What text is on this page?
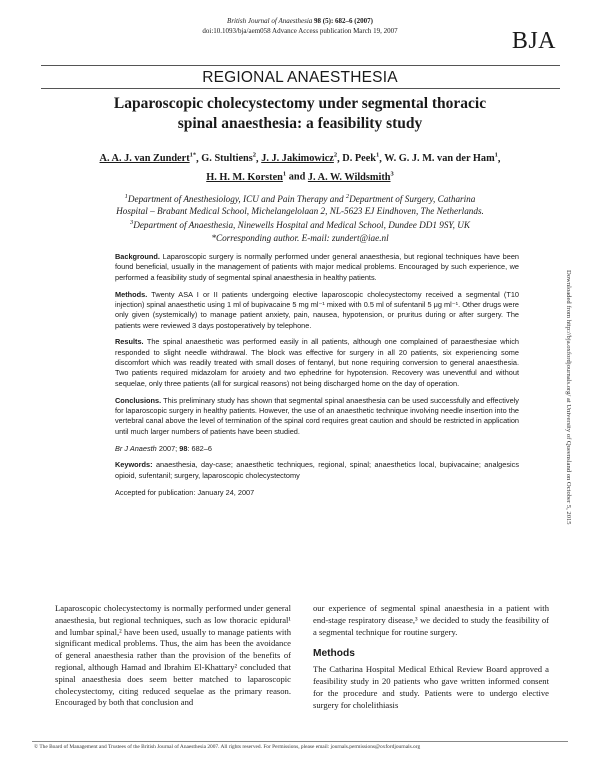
British Journal of Anaesthesia 98 (5): 682–6 (2007)
doi:10.1093/bja/aem058 Advance Access publication March 19, 2007	BJA
REGIONAL ANAESTHESIA
Laparoscopic cholecystectomy under segmental thoracic
spinal anaesthesia: a feasibility study
A. A. J. van Zundert$^{1*}$, G. Stultiens$^2$, J. J. Jakimowicz$^2$, D. Peek$^1$, W. G. J. M. van der Ham$^1$,
H. H. M. Korsten$^1$ and J. A. W. Wildsmith$^3$
$^1$Department of Anesthesiology, ICU and Pain Therapy and $^2$Department of Surgery, Catharina
Hospital – Brabant Medical School, Michelangelolaan 2, NL-5623 EJ Eindhoven, The Netherlands.
$^3$Department of Anaesthesia, Ninewells Hospital and Medical School, Dundee DD1 9SY, UK
*Corresponding author. E-mail: zundert@iae.nl

Background. Laparoscopic surgery is normally performed under general anaesthesia, but regional techniques have been found beneficial, usually in the management of patients with major medical problems. Encouraged by such experience, we performed a feasibility study of segmental spinal anaesthesia in healthy patients.

Methods. Twenty ASA I or II patients undergoing elective laparoscopic cholecystectomy received a segmental (T10 injection) spinal anaesthetic using 1 ml of bupivacaine 5 mg ml⁻¹ mixed with 0.5 ml of sufentanil 5 μg ml⁻¹. Other drugs were only given (systemically) to manage patient anxiety, pain, nausea, hypotension, or pruritus during or after surgery. The patients were reviewed 3 days postoperatively by telephone.

Results. The spinal anaesthetic was performed easily in all patients, although one complained of paraesthesiae which responded to slight needle withdrawal. The block was effective for surgery in all 20 patients, six experiencing some discomfort which was readily treated with small doses of fentanyl, but none requiring conversion to general anaesthesia. Two patients required midazolam for anxiety and two ephedrine for hypotension. Recovery was uneventful and without sequelae, only three patients (all for surgical reasons) not being discharged home on the day of operation.

Conclusions. This preliminary study has shown that segmental spinal anaesthesia can be used successfully and effectively for laparoscopic surgery in healthy patients. However, the use of an anaesthetic technique involving needle insertion into the vertebral canal above the level of termination of the spinal cord requires great caution and should be restricted in application until much larger numbers of patients have been studied.

Br J Anaesth 2007; 98: 682–6

Keywords: anaesthesia, day-case; anaesthetic techniques, regional, spinal; anaesthetics local, bupivacaine; analgesics opioid, sufentanil; surgery, laparoscopic cholecystectomy

Accepted for publication: January 24, 2007

Laparoscopic cholecystectomy is normally performed under general anaesthesia, but regional techniques, such as low thoracic epidural¹ and lumbar spinal,² have been used, usually to manage patients with significant medical problems. Thus, the aim has been the avoidance of general anaesthesia rather than the provision of the benefits of regional, although Hamad and Ibrahim El-Khattary² concluded that spinal anaesthesia does seem better matched to laparoscopic cholecystectomy, citing reduced sequelae as the primary reason. Encouraged by both that conclusion and

our experience of segmental spinal anaesthesia in a patient with end-stage respiratory disease,³ we decided to study the feasibility of a segmental technique for routine surgery.

Methods

The Catharina Hospital Medical Ethical Review Board approved a feasibility study in 20 patients who gave written informed consent for the procedure and study. Patients were to undergo elective surgery for cholelithiasis

© The Board of Management and Trustees of the British Journal of Anaesthesia 2007. All rights reserved. For Permissions, please email: journals.permissions@oxfordjournals.org
Downloaded from http://bja.oxfordjournals.org/ at University of Queensland on October 5, 2015
